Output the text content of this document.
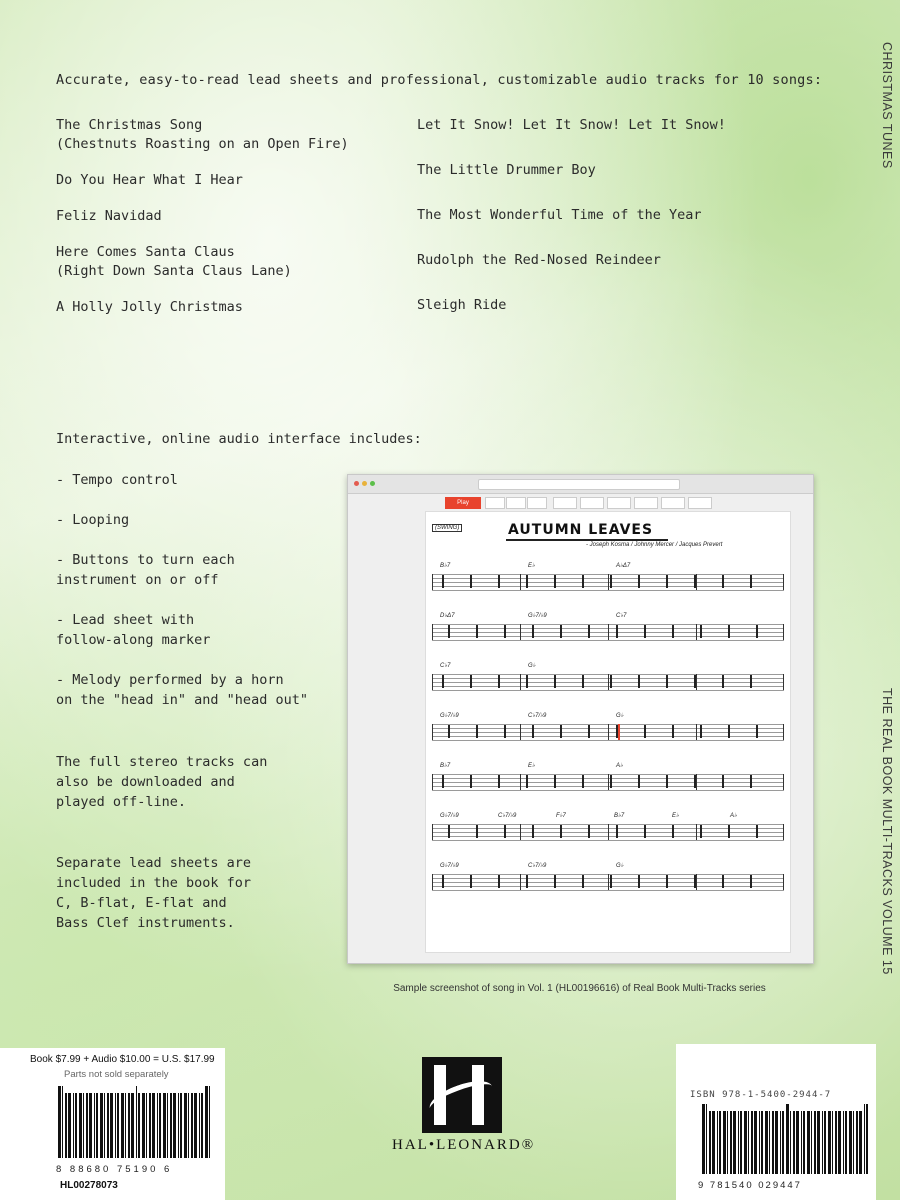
Accurate, easy-to-read lead sheets and professional, customizable audio tracks for 10 songs:
The Christmas Song
(Chestnuts Roasting on an Open Fire)
Do You Hear What I Hear
Feliz Navidad
Here Comes Santa Claus
(Right Down Santa Claus Lane)
A Holly Jolly Christmas
Let It Snow! Let It Snow! Let It Snow!
The Little Drummer Boy
The Most Wonderful Time of the Year
Rudolph the Red-Nosed Reindeer
Sleigh Ride
CHRISTMAS TUNES
THE REAL BOOK MULTI-TRACKS VOLUME 15
Interactive, online audio interface includes:
- Tempo control
- Looping
- Buttons to turn each
instrument on or off
- Lead sheet with
follow-along marker
- Melody performed by a horn
on the "head in" and "head out"
The full stereo tracks can
also be downloaded and
played off-line.
Separate lead sheets are
included in the book for
C, B-flat, E-flat and
Bass Clef instruments.
Play
(SWING)	AUTUMN LEAVES
- Joseph Kosma / Johnny Mercer / Jacques Prevert
B♭7	E♭	A♭Δ7
D♭Δ7	G♭7/♭9	C♭7
C♭7	G♭
G♭7/♭9	C♭7/♭9	G♭
B♭7	E♭	A♭
G♭7/♭9	C♭7/♭9	F♭7	B♭7	E♭	A♭
G♭7/♭9	C♭7/♭9	G♭
Sample screenshot of song in Vol. 1 (HL00196616) of Real Book Multi-Tracks series
Book $7.99 + Audio $10.00 = U.S. $17.99
Parts not sold separately
8 88680 75190 6
HL00278073
HAL•LEONARD®
ISBN 978-1-5400-2944-7
9 781540 029447
